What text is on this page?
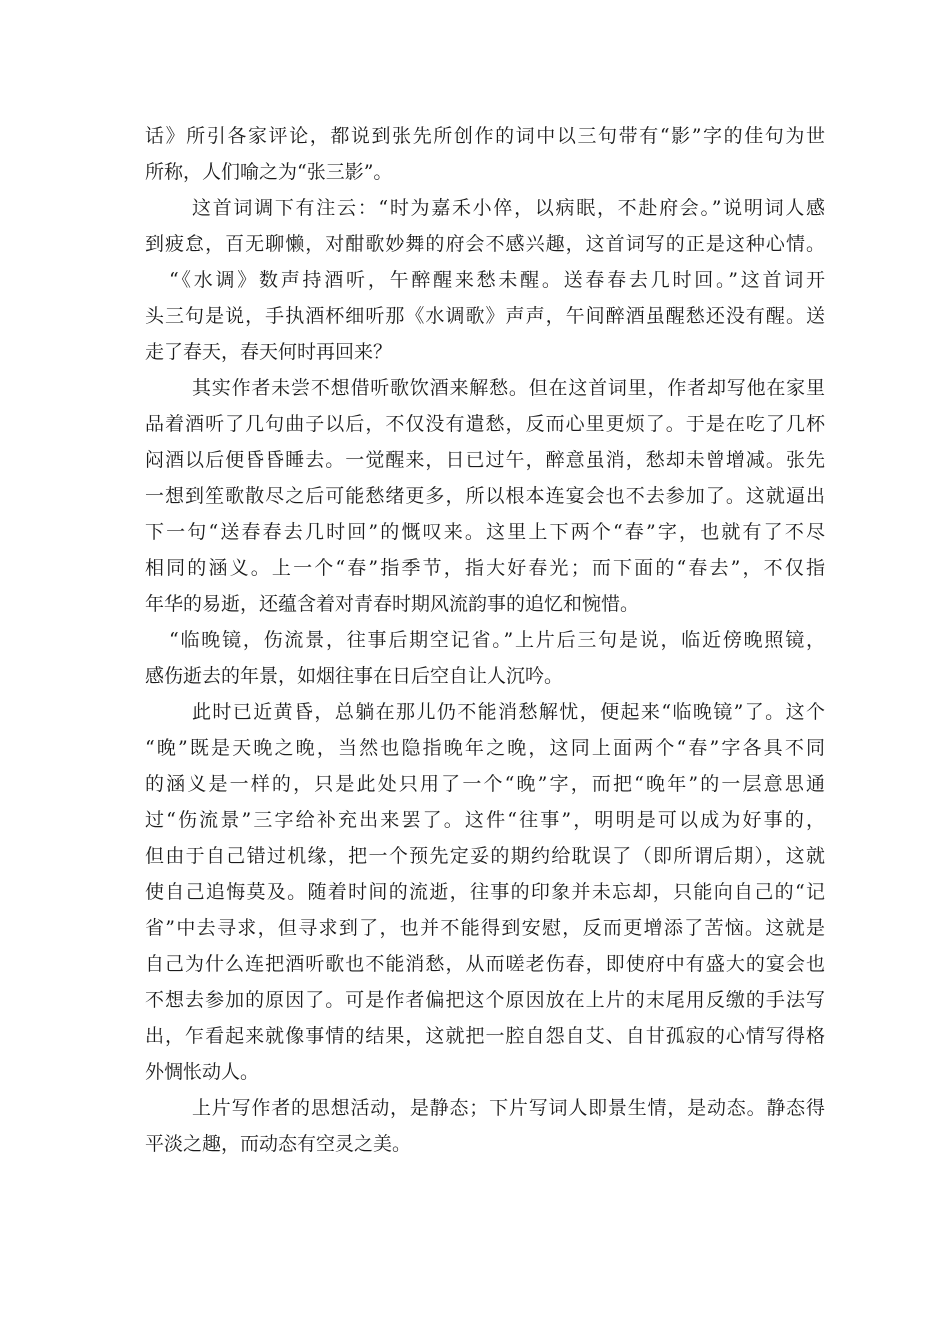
话》所引各家评论，都说到张先所创作的词中以三句带有“影”字的佳句为世
所称，人们喻之为“张三影”。
这首词调下有注云：“时为嘉禾小倅，以病眠，不赴府会。”说明词人感
到疲怠，百无聊懒，对酣歌妙舞的府会不感兴趣，这首词写的正是这种心情。
“《水调》数声持酒听，午醉醒来愁未醒。送春春去几时回。”这首词开
头三句是说，手执酒杯细听那《水调歌》声声，午间醉酒虽醒愁还没有醒。送
走了春天，春天何时再回来？
其实作者未尝不想借听歌饮酒来解愁。但在这首词里，作者却写他在家里
品着酒听了几句曲子以后，不仅没有遣愁，反而心里更烦了。于是在吃了几杯
闷酒以后便昏昏睡去。一觉醒来，日已过午，醉意虽消，愁却未曾增减。张先
一想到笙歌散尽之后可能愁绪更多，所以根本连宴会也不去参加了。这就逼出
下一句“送春春去几时回”的慨叹来。这里上下两个“春”字，也就有了不尽
相同的涵义。上一个“春”指季节，指大好春光；而下面的“春去”，不仅指
年华的易逝，还蕴含着对青春时期风流韵事的追忆和惋惜。
“临晚镜，伤流景，往事后期空记省。”上片后三句是说，临近傍晚照镜，
感伤逝去的年景，如烟往事在日后空自让人沉吟。
此时已近黄昏，总躺在那儿仍不能消愁解忧，便起来“临晚镜”了。这个
“晚”既是天晚之晚，当然也隐指晚年之晚，这同上面两个“春”字各具不同
的涵义是一样的，只是此处只用了一个“晚”字，而把“晚年”的一层意思通
过“伤流景”三字给补充出来罢了。这件“往事”，明明是可以成为好事的，
但由于自己错过机缘，把一个预先定妥的期约给耽误了（即所谓后期），这就
使自己追悔莫及。随着时间的流逝，往事的印象并未忘却，只能向自己的“记
省”中去寻求，但寻求到了，也并不能得到安慰，反而更增添了苦恼。这就是
自己为什么连把酒听歌也不能消愁，从而嗟老伤春，即使府中有盛大的宴会也
不想去参加的原因了。可是作者偏把这个原因放在上片的末尾用反缴的手法写
出，乍看起来就像事情的结果，这就把一腔自怨自艾、自甘孤寂的心情写得格
外惆怅动人。
上片写作者的思想活动，是静态；下片写词人即景生情，是动态。静态得
平淡之趣，而动态有空灵之美。
